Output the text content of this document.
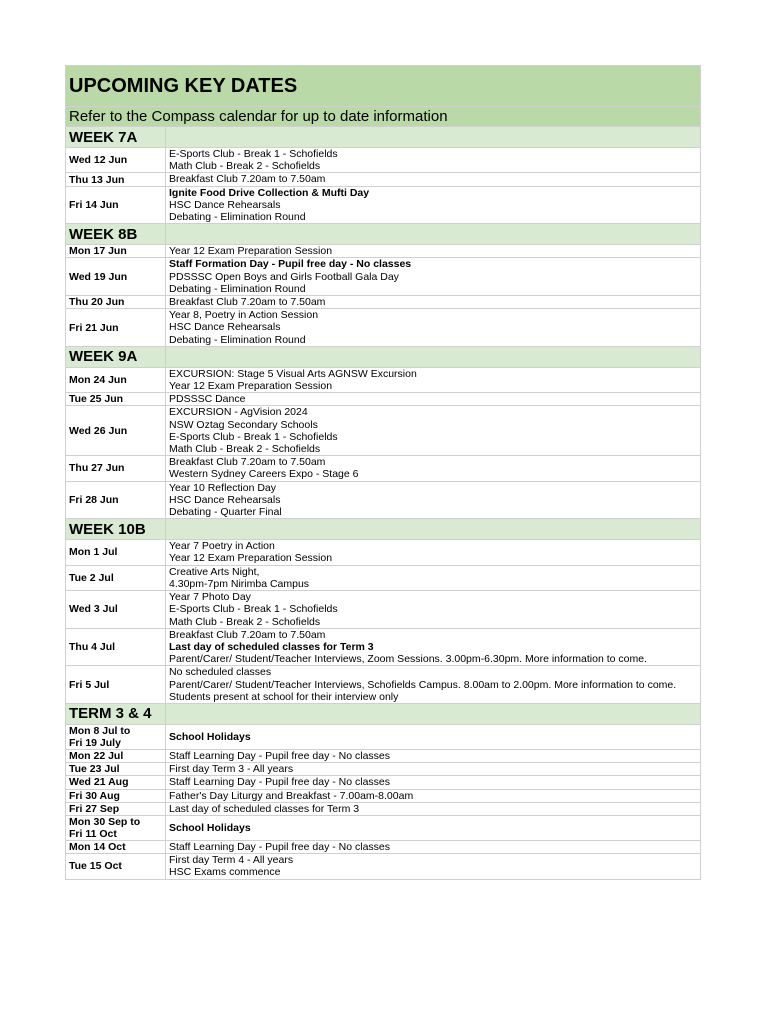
UPCOMING KEY DATES	
Refer to the Compass calendar for up to date information	
WEEK 7A	

Wed 12 Jun	E-Sports Club - Break 1 - Schofields
Math Club - Break 2 - Schofields

Thu 13 Jun	Breakfast Club 7.20am to 7.50am

Fri 14 Jun	Ignite Food Drive Collection & Mufti Day
HSC Dance Rehearsals
Debating - Elimination Round

WEEK 8B	

Mon 17 Jun	Year 12 Exam Preparation Session

Wed 19 Jun	Staff Formation Day - Pupil free day - No classes
PDSSSC Open Boys and Girls Football Gala Day
Debating - Elimination Round

Thu 20 Jun	Breakfast Club 7.20am to 7.50am

Fri 21 Jun	Year 8, Poetry in Action Session
HSC Dance Rehearsals
Debating - Elimination Round

WEEK 9A	

Mon 24 Jun	EXCURSION: Stage 5 Visual Arts AGNSW Excursion
Year 12 Exam Preparation Session

Tue 25 Jun	PDSSSC Dance

Wed 26 Jun	EXCURSION - AgVision 2024
NSW Oztag Secondary Schools
E-Sports Club - Break 1 - Schofields
Math Club - Break 2 - Schofields

Thu 27 Jun	Breakfast Club 7.20am to 7.50am
Western Sydney Careers Expo - Stage 6

Fri 28 Jun	Year 10 Reflection Day
HSC Dance Rehearsals
Debating - Quarter Final

WEEK 10B	

Mon 1 Jul	Year 7 Poetry in Action
Year 12 Exam Preparation Session

Tue 2 Jul	Creative Arts Night,
4.30pm-7pm Nirimba Campus

Wed 3 Jul	Year 7 Photo Day
E-Sports Club - Break 1 - Schofields
Math Club - Break 2 - Schofields

Thu 4 Jul	Breakfast Club 7.20am to 7.50am
Last day of scheduled classes for Term 3
Parent/Carer/ Student/Teacher Interviews, Zoom Sessions. 3.00pm-6.30pm. More information to come.

Fri 5 Jul	No scheduled classes
Parent/Carer/ Student/Teacher Interviews, Schofields Campus. 8.00am to 2.00pm. More information to come.
Students present at school for their interview only

TERM 3 & 4	

Mon 8 Jul to
Fri 19 July	School Holidays

Mon 22 Jul	Staff Learning Day - Pupil free day - No classes

Tue 23 Jul	First day Term 3 - All years

Wed 21 Aug	Staff Learning Day - Pupil free day - No classes

Fri 30 Aug	Father's Day Liturgy and Breakfast - 7.00am-8.00am

Fri 27 Sep	Last day of scheduled classes for Term 3

Mon 30 Sep to
Fri 11 Oct	School Holidays

Mon 14 Oct	Staff Learning Day - Pupil free day - No classes

Tue 15 Oct	First day Term 4 - All years
HSC Exams commence
